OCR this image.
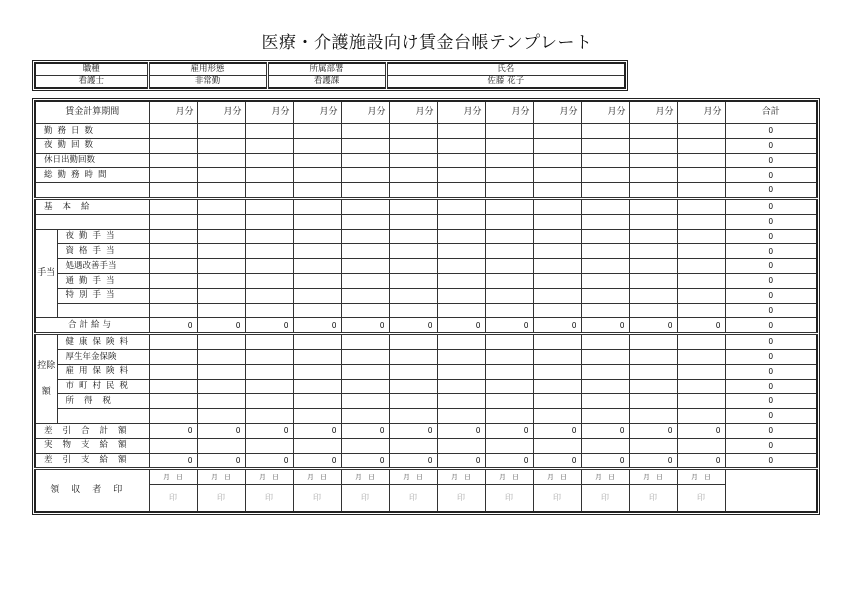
医療・介護施設向け賃金台帳テンプレート
職種	雇用形態	所属部署	氏名
看護士	非常勤	看護課	佐藤 花子
賃金計算期間		月分	月分	月分	月分	月分	月分	月分	月分	月分	月分	月分	月分	合計
勤務日数														0
夜勤回数														0
休日出勤回数														0
総勤務時間														0
														0
基本給														0
														0
手当	夜勤手当													0
	資格手当													0
	処遇改善手当													0
	通勤手当													0
	特別手当													0
														0
合計給与		0	0	0	0	0	0	0	0	0	0	0	0	0
控除額	健康保険料													0
	厚生年金保険													0
	雇用保険料													0
	市町村民税													0
	所得税													0
														0
差引合計額		0	0	0	0	0	0	0	0	0	0	0	0	0
実物支給額														0
差引支給額		0	0	0	0	0	0	0	0	0	0	0	0	0
領収者印		月　日	月　日	月　日	月　日	月　日	月　日	月　日	月　日	月　日	月　日	月　日	月　日	
		印	印	印	印	印	印	印	印	印	印	印	印	
